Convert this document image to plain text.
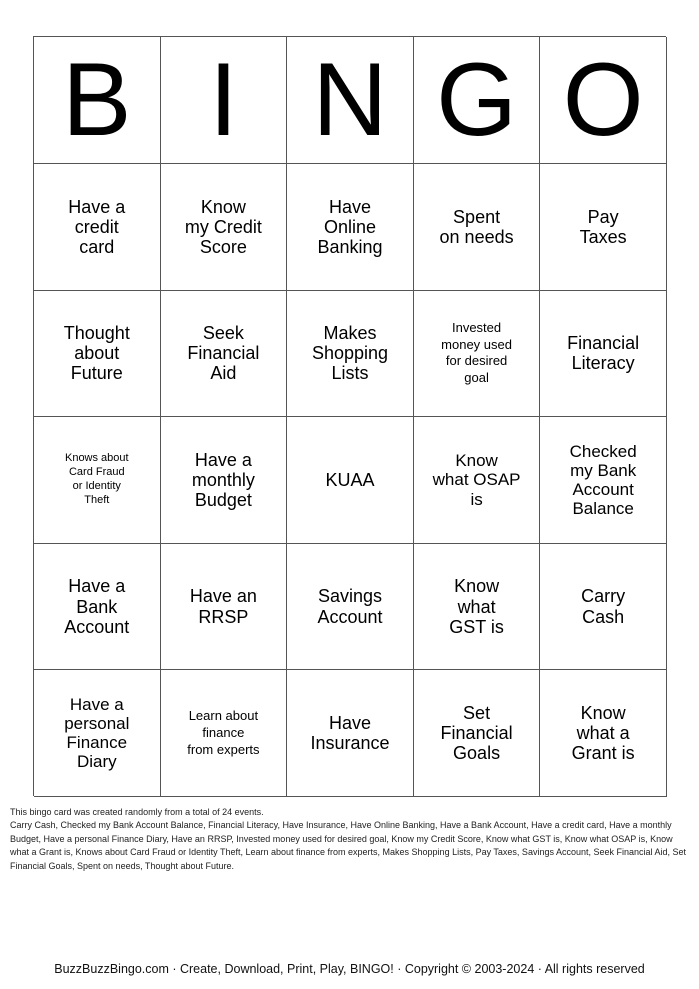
B I N G O
Have a
credit
card
Know
my Credit
Score
Have
Online
Banking
Spent
on needs
Pay
Taxes
Thought
about
Future
Seek
Financial
Aid
Makes
Shopping
Lists
Invested
money used
for desired
goal
Financial
Literacy
Knows about
Card Fraud
or Identity
Theft
Have a
monthly
Budget
KUAA
Know
what OSAP
is
Checked
my Bank
Account
Balance
Have a
Bank
Account
Have an
RRSP
Savings
Account
Know
what
GST is
Carry
Cash
Have a
personal
Finance
Diary
Learn about
finance
from experts
Have
Insurance
Set
Financial
Goals
Know
what a
Grant is

This bingo card was created randomly from a total of 24 events.

Carry Cash, Checked my Bank Account Balance, Financial Literacy, Have Insurance, Have Online Banking, Have a Bank Account, Have a credit card, Have a monthly Budget, Have a personal Finance Diary, Have an RRSP, Invested money used for desired goal, Know my Credit Score, Know what GST is, Know what OSAP is, Know what a Grant is, Knows about Card Fraud or Identity Theft, Learn about finance from experts, Makes Shopping Lists, Pay Taxes, Savings Account, Seek Financial Aid, Set Financial Goals, Spent on needs, Thought about Future.

BuzzBuzzBingo.com · Create, Download, Print, Play, BINGO! · Copyright © 2003-2024 · All rights reserved
